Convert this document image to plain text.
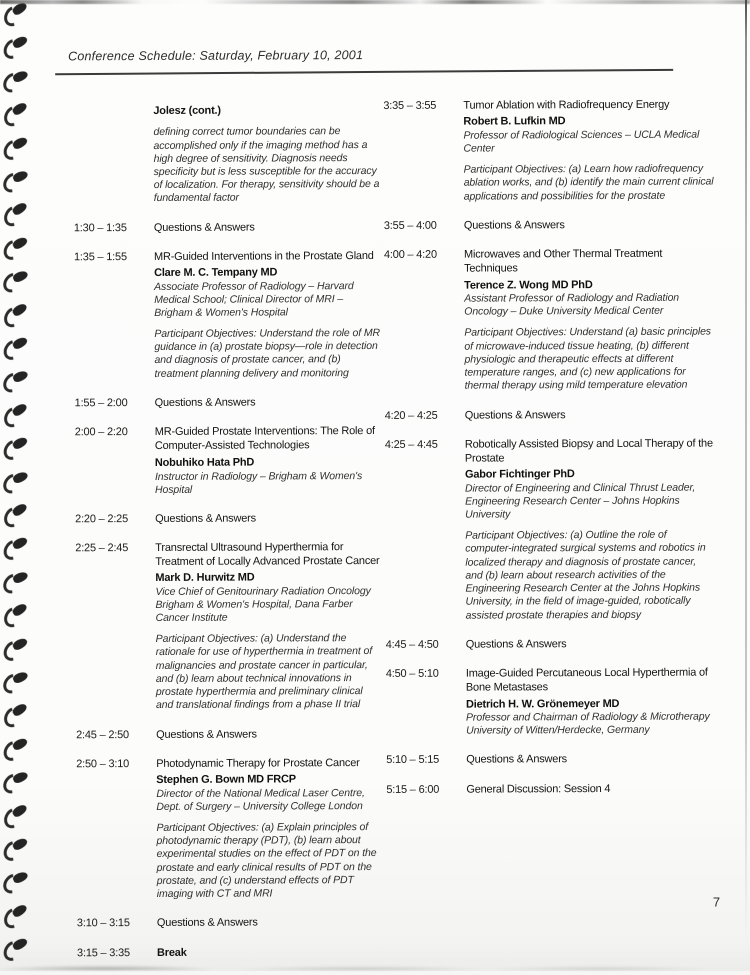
Conference Schedule: Saturday, February 10, 2001
Jolesz (cont.)
defining correct tumor boundaries can be accomplished only if the imaging method has a high degree of sensitivity. Diagnosis needs specificity but is less susceptible for the accuracy of localization. For therapy, sensitivity should be a fundamental factor
1:30 – 1:35	Questions & Answers
1:35 – 1:55	MR-Guided Interventions in the Prostate Gland
Clare M. C. Tempany MD
Associate Professor of Radiology – Harvard Medical School; Clinical Director of MRI – Brigham & Women's Hospital
Participant Objectives: Understand the role of MR guidance in (a) prostate biopsy—role in detection and diagnosis of prostate cancer, and (b) treatment planning delivery and monitoring
1:55 – 2:00	Questions & Answers
2:00 – 2:20	MR-Guided Prostate Interventions: The Role of Computer-Assisted Technologies
Nobuhiko Hata PhD
Instructor in Radiology – Brigham & Women's Hospital
2:20 – 2:25	Questions & Answers
2:25 – 2:45	Transrectal Ultrasound Hyperthermia for Treatment of Locally Advanced Prostate Cancer
Mark D. Hurwitz MD
Vice Chief of Genitourinary Radiation Oncology Brigham & Women's Hospital, Dana Farber Cancer Institute
Participant Objectives: (a) Understand the rationale for use of hyperthermia in treatment of malignancies and prostate cancer in particular, and (b) learn about technical innovations in prostate hyperthermia and preliminary clinical and translational findings from a phase II trial
2:45 – 2:50	Questions & Answers
2:50 – 3:10	Photodynamic Therapy for Prostate Cancer
Stephen G. Bown MD FRCP
Director of the National Medical Laser Centre, Dept. of Surgery – University College London
Participant Objectives: (a) Explain principles of photodynamic therapy (PDT), (b) learn about experimental studies on the effect of PDT on the prostate and early clinical results of PDT on the prostate, and (c) understand effects of PDT imaging with CT and MRI
3:10 – 3:15	Questions & Answers
3:15 – 3:35	Break
3:35 – 3:55	Tumor Ablation with Radiofrequency Energy
Robert B. Lufkin MD
Professor of Radiological Sciences – UCLA Medical Center
Participant Objectives: (a) Learn how radiofrequency ablation works, and (b) identify the main current clinical applications and possibilities for the prostate
3:55 – 4:00	Questions & Answers
4:00 – 4:20	Microwaves and Other Thermal Treatment Techniques
Terence Z. Wong MD PhD
Assistant Professor of Radiology and Radiation Oncology – Duke University Medical Center
Participant Objectives: Understand (a) basic principles of microwave-induced tissue heating, (b) different physiologic and therapeutic effects at different temperature ranges, and (c) new applications for thermal therapy using mild temperature elevation
4:20 – 4:25	Questions & Answers
4:25 – 4:45	Robotically Assisted Biopsy and Local Therapy of the Prostate
Gabor Fichtinger PhD
Director of Engineering and Clinical Thrust Leader, Engineering Research Center – Johns Hopkins University
Participant Objectives: (a) Outline the role of computer-integrated surgical systems and robotics in localized therapy and diagnosis of prostate cancer, and (b) learn about research activities of the Engineering Research Center at the Johns Hopkins University, in the field of image-guided, robotically assisted prostate therapies and biopsy
4:45 – 4:50	Questions & Answers
4:50 – 5:10	Image-Guided Percutaneous Local Hyperthermia of Bone Metastases
Dietrich H. W. Grönemeyer MD
Professor and Chairman of Radiology & Microtherapy University of Witten/Herdecke, Germany
5:10 – 5:15	Questions & Answers
5:15 – 6:00	General Discussion: Session 4
7
